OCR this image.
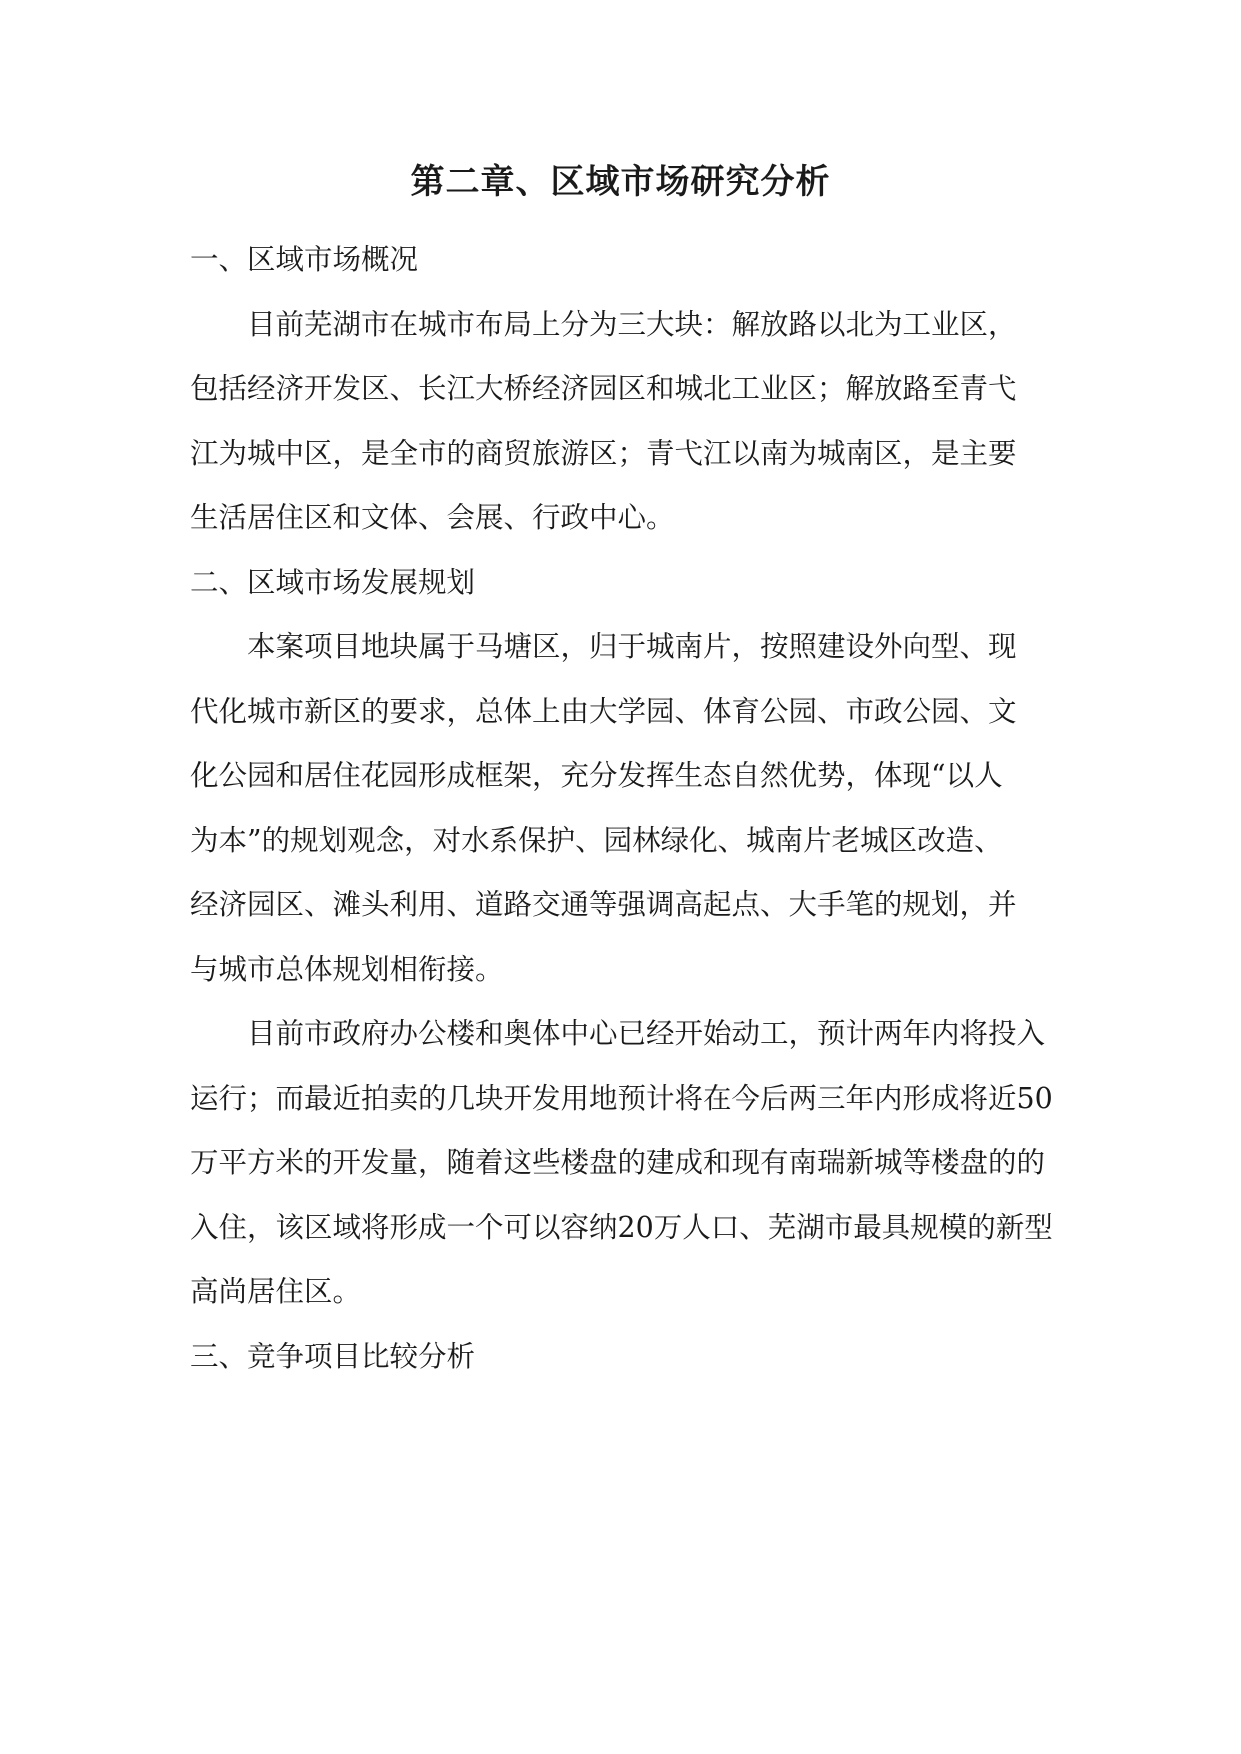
第二章、区域市场研究分析

一、区域市场概况

目前芜湖市在城市布局上分为三大块：解放路以北为工业区，
包括经济开发区、长江大桥经济园区和城北工业区；解放路至青弋
江为城中区，是全市的商贸旅游区；青弋江以南为城南区，是主要
生活居住区和文体、会展、行政中心。

二、区域市场发展规划

本案项目地块属于马塘区，归于城南片，按照建设外向型、现
代化城市新区的要求，总体上由大学园、体育公园、市政公园、文
化公园和居住花园形成框架，充分发挥生态自然优势，体现“以人
为本”的规划观念，对水系保护、园林绿化、城南片老城区改造、
经济园区、滩头利用、道路交通等强调高起点、大手笔的规划，并
与城市总体规划相衔接。

目前市政府办公楼和奥体中心已经开始动工，预计两年内将投入
运行；而最近拍卖的几块开发用地预计将在今后两三年内形成将近50
万平方米的开发量，随着这些楼盘的建成和现有南瑞新城等楼盘的的
入住，该区域将形成一个可以容纳20万人口、芜湖市最具规模的新型
高尚居住区。

三、竞争项目比较分析
